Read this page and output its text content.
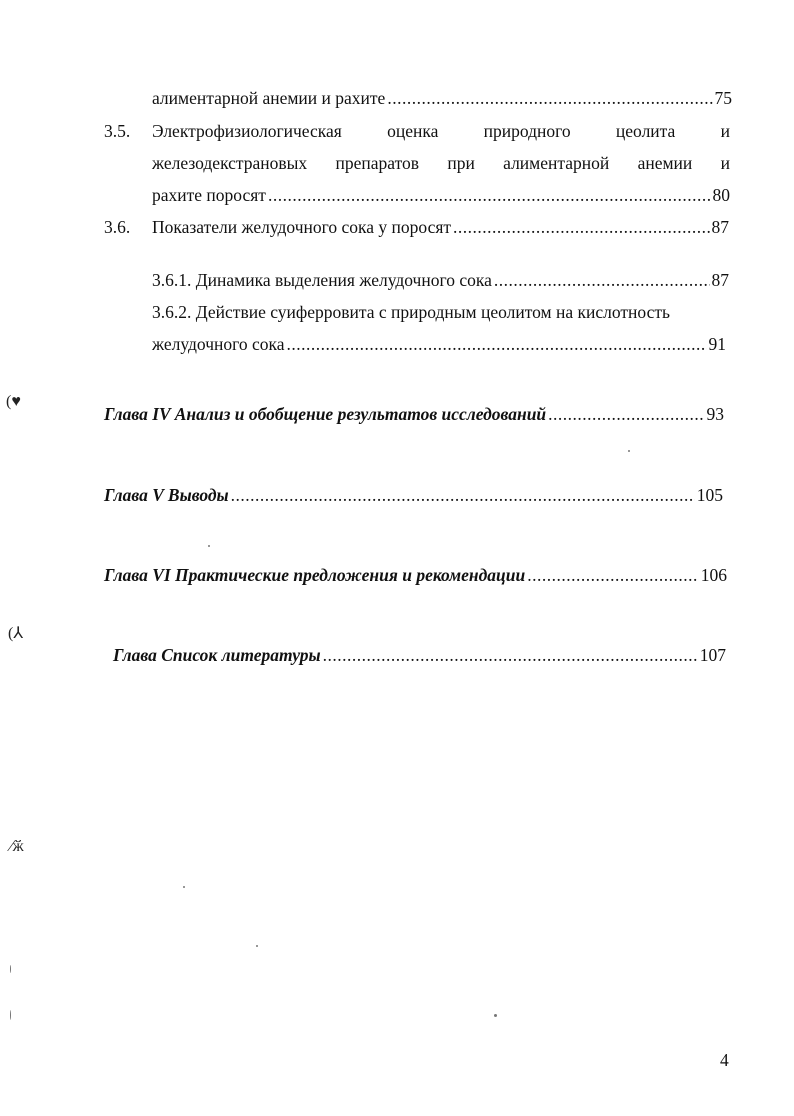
алиментарной анемии и рахите .....	75
3.5. Электрофизиологическая	оценка	природного	цеолита	и
железодекстрановых препаратов при алиментарной анемии и
рахите поросят .....	80
3.6. Показатели желудочного сока у поросят .....	87
3.6.1. Динамика выделения желудочного сока .....	87
3.6.2. Действие суиферровита с природным цеолитом на кислотность
желудочного сока .....	91
Глава IV Анализ и обобщение результатов исследований .....	93
Глава V Выводы .....	105
Глава VI Практические предложения и рекомендации .....	106
Глава Список литературы .....	107
4
(♥
(⅄
⁄ӂ
